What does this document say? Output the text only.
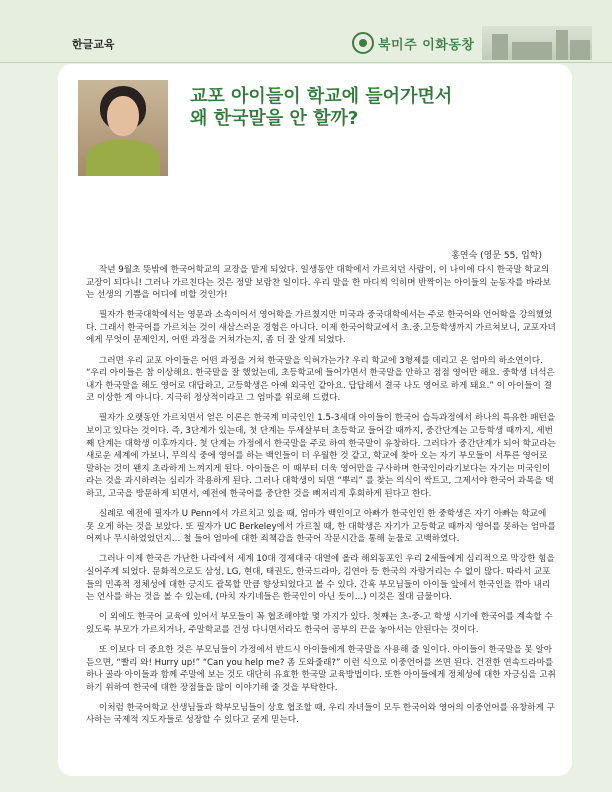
한글교육	북미주 이화동창
교포 아이들이 학교에 들어가면서
왜 한국말을 안 할까?
홍연숙 (영문 55, 입학)

작년 9월초 뜻밖에 한국어학교의 교장을 맡게 되었다. 일생동안 대학에서 가르치던 사람이, 이 나이에 다시 한국말 학교의 교장이 되다니! 그러나 가르친다는 것은 정말 보람찬 일이다. 우리 말을 한 마디씩 익히며 반짝이는 아이들의 눈동자를 바라보는 선생의 기쁨을 어디에 비할 것인가!

필자가 한국대학에서는 영문과 소속이어서 영어학을 가르쳤지만 미국과 중국대학에서는 주로 한국어와 언어학을 강의했었다. 그래서 한국어를 가르치는 것이 새삼스러운 경험은 아니다. 이제 한국어학교에서 초.중.고등학생까지 가르쳐보니, 교포자녀에게 무엇이 문제인지, 어떤 과정을 거쳐가는지, 좀 더 잘 알게 되었다.

그러면 우리 교포 아이들은 어떤 과정을 거쳐 한국말을 익혀가는가? 우리 학교에 3형제를 데리고 온 엄마의 하소연이다. “우리 아이들은 참 이상해요. 한국말을 잘 했었는데, 초등학교에 들어가면서 한국말을 안하고 점점 영어만 해요. 중학생 녀석은 내가 한국말을 해도 영어로 대답하고, 고등학생은 아예 외국인 같아요. 답답해서 결국 나도 영어로 하게 돼요.” 이 아이들이 결코 이상한 게 아니다. 지극히 정상적이라고 그 엄마를 위로해 드렸다.

필자가 오랫동안 가르치면서 얻은 이론은 한국계 미국인인 1.5-3세대 아이들이 한국어 습득과정에서 하나의 특유한 패턴을 보이고 있다는 것이다. 즉, 3단계가 있는데, 첫 단계는 두세살부터 초등학교 들어갈 때까지, 중간단계는 고등학생 때까지, 세번째 단계는 대학생 이후까지다. 첫 단계는 가정에서 한국말을 주로 하여 한국말이 유창하다. 그러다가 중간단계가 되어 학교라는 새로운 세계에 가보니, 무의식 중에 영어를 하는 백인들이 더 우월한 것 같고, 학교에 찾아 오는 자기 부모들이 서투른 영어로 말하는 것이 왠지 초라하게 느껴지게 된다. 아이들은 이 때부터 더욱 영어만을 구사하며 한국인이라기보다는 자기는 미국인이라는 것을 과시하려는 심리가 작용하게 된다. 그러나 대학생이 되면 “뿌리” 를 찾는 의식이 싹트고, 그제서야 한국어 과목을 택하고, 고국을 방문하게 되면서, 예전에 한국어를 중단한 것을 뼈저리게 후회하게 된다고 한다.

실례로 예전에 필자가 U Penn에서 가르치고 있을 때, 엄마가 백인이고 아빠가 한국인인 한 중학생은 자기 아빠는 학교에 못 오게 하는 것을 보았다. 또 필자가 UC Berkeley에서 가르칠 때, 한 대학생은 자기가 고등학교 때까지 영어를 못하는 엄마를 어찌나 무시하였었던지… 철 들어 엄마에 대한 죄책감을 한국어 작문시간을 통해 눈물로 고백하였다.

그러나 이제 한국은 가난한 나라에서 세계 10대 경제대국 대열에 올라 해외동포인 우리 2세들에게 심리적으로 막강한 힘을 실어주게 되었다. 문화적으로도 삼성, LG, 현대, 태권도, 한국드라마, 김연아 등 한국의 자랑거리는 수 없이 많다. 따라서 교포들의 민족적 정체성에 대한 긍지도 괄목할 만큼 향상되었다고 볼 수 있다. 간혹 부모님들이 아이들 앞에서 한국인을 깎아 내리는 언사를 하는 것을 볼 수 있는데, (마치 자기네들은 한국인이 아닌 듯이…) 이것은 절대 금물이다.

이 외에도 한국어 교육에 있어서 부모들이 꼭 협조해야할 몇 가지가 있다. 첫째는 초-중-고 학생 시기에 한국어를 계속할 수 있도록 부모가 가르치거나, 주말학교를 건성 다니면서라도 한국어 공부의 끈을 놓아서는 안된다는 것이다.

또 이보다 더 중요한 것은 부모님들이 가정에서 반드시 아이들에게 한국말을 사용해 줄 일이다. 아이들이 한국말을 못 알아듣으면, “빨리 와! Hurry up!” “Can you help me? 좀 도와줄래?” 이런 식으로 이중언어를 쓰면 된다. 건전한 연속드라마를 하나 골라 아이들과 함께 주말에 보는 것도 대단히 유효한 한국말 교육방법이다. 또한 아이들에게 정체성에 대한 자긍심을 고취하기 위하여 한국에 대한 장점들을 많이 이야기해 줄 것을 부탁한다.

이처럼 한국어학교 선생님들과 학부모님들이 상호 협조할 때, 우리 자녀들이 모두 한국어와 영어의 이중언어를 유창하게 구사하는 국제적 지도자들로 성장할 수 있다고 굳게 믿는다.
